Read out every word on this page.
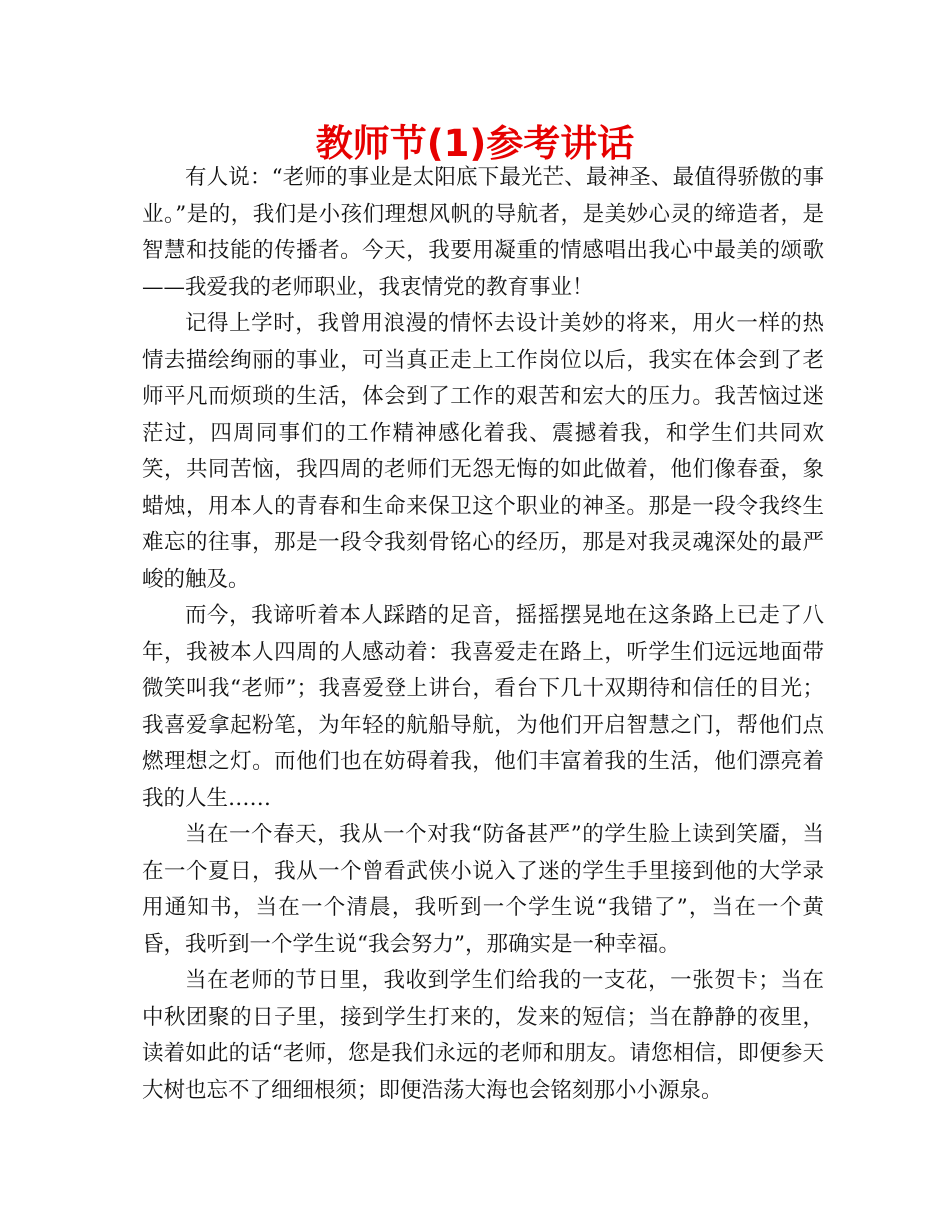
教师节(1)参考讲话

有人说：“老师的事业是太阳底下最光芒、最神圣、最值得骄傲的事业。”是的，我们是小孩们理想风帆的导航者，是美妙心灵的缔造者，是智慧和技能的传播者。今天，我要用凝重的情感唱出我心中最美的颂歌——我爱我的老师职业，我衷情党的教育事业！

记得上学时，我曾用浪漫的情怀去设计美妙的将来，用火一样的热情去描绘绚丽的事业，可当真正走上工作岗位以后，我实在体会到了老师平凡而烦琐的生活，体会到了工作的艰苦和宏大的压力。我苦恼过迷茫过，四周同事们的工作精神感化着我、震撼着我，和学生们共同欢笑，共同苦恼，我四周的老师们无怨无悔的如此做着，他们像春蚕，象蜡烛，用本人的青春和生命来保卫这个职业的神圣。那是一段令我终生难忘的往事，那是一段令我刻骨铭心的经历，那是对我灵魂深处的最严峻的触及。

而今，我谛听着本人踩踏的足音，摇摇摆晃地在这条路上已走了八年，我被本人四周的人感动着：我喜爱走在路上，听学生们远远地面带微笑叫我“老师”；我喜爱登上讲台，看台下几十双期待和信任的目光；我喜爱拿起粉笔，为年轻的航船导航，为他们开启智慧之门，帮他们点燃理想之灯。而他们也在妨碍着我，他们丰富着我的生活，他们漂亮着我的人生……

当在一个春天，我从一个对我“防备甚严”的学生脸上读到笑靥，当在一个夏日，我从一个曾看武侠小说入了迷的学生手里接到他的大学录用通知书，当在一个清晨，我听到一个学生说“我错了”，当在一个黄昏，我听到一个学生说“我会努力”，那确实是一种幸福。

当在老师的节日里，我收到学生们给我的一支花，一张贺卡；当在中秋团聚的日子里，接到学生打来的，发来的短信；当在静静的夜里，读着如此的话“老师，您是我们永远的老师和朋友。请您相信，即便参天大树也忘不了细细根须；即便浩荡大海也会铭刻那小小源泉。
